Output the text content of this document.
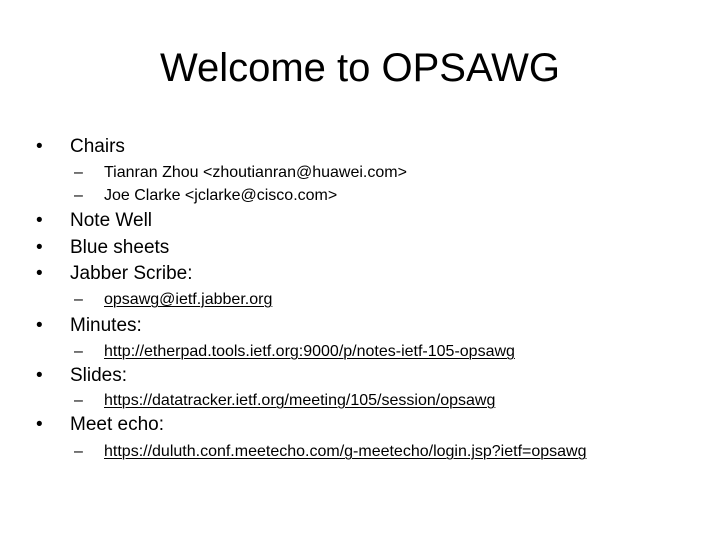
Welcome to OPSAWG
• Chairs
– Tianran Zhou <zhoutianran@huawei.com>
– Joe Clarke <jclarke@cisco.com>
• Note Well
• Blue sheets
• Jabber Scribe:
– opsawg@ietf.jabber.org
• Minutes:
– http://etherpad.tools.ietf.org:9000/p/notes-ietf-105-opsawg
• Slides:
– https://datatracker.ietf.org/meeting/105/session/opsawg
• Meet echo:
– https://duluth.conf.meetecho.com/g-meetecho/login.jsp?ietf=opsawg
